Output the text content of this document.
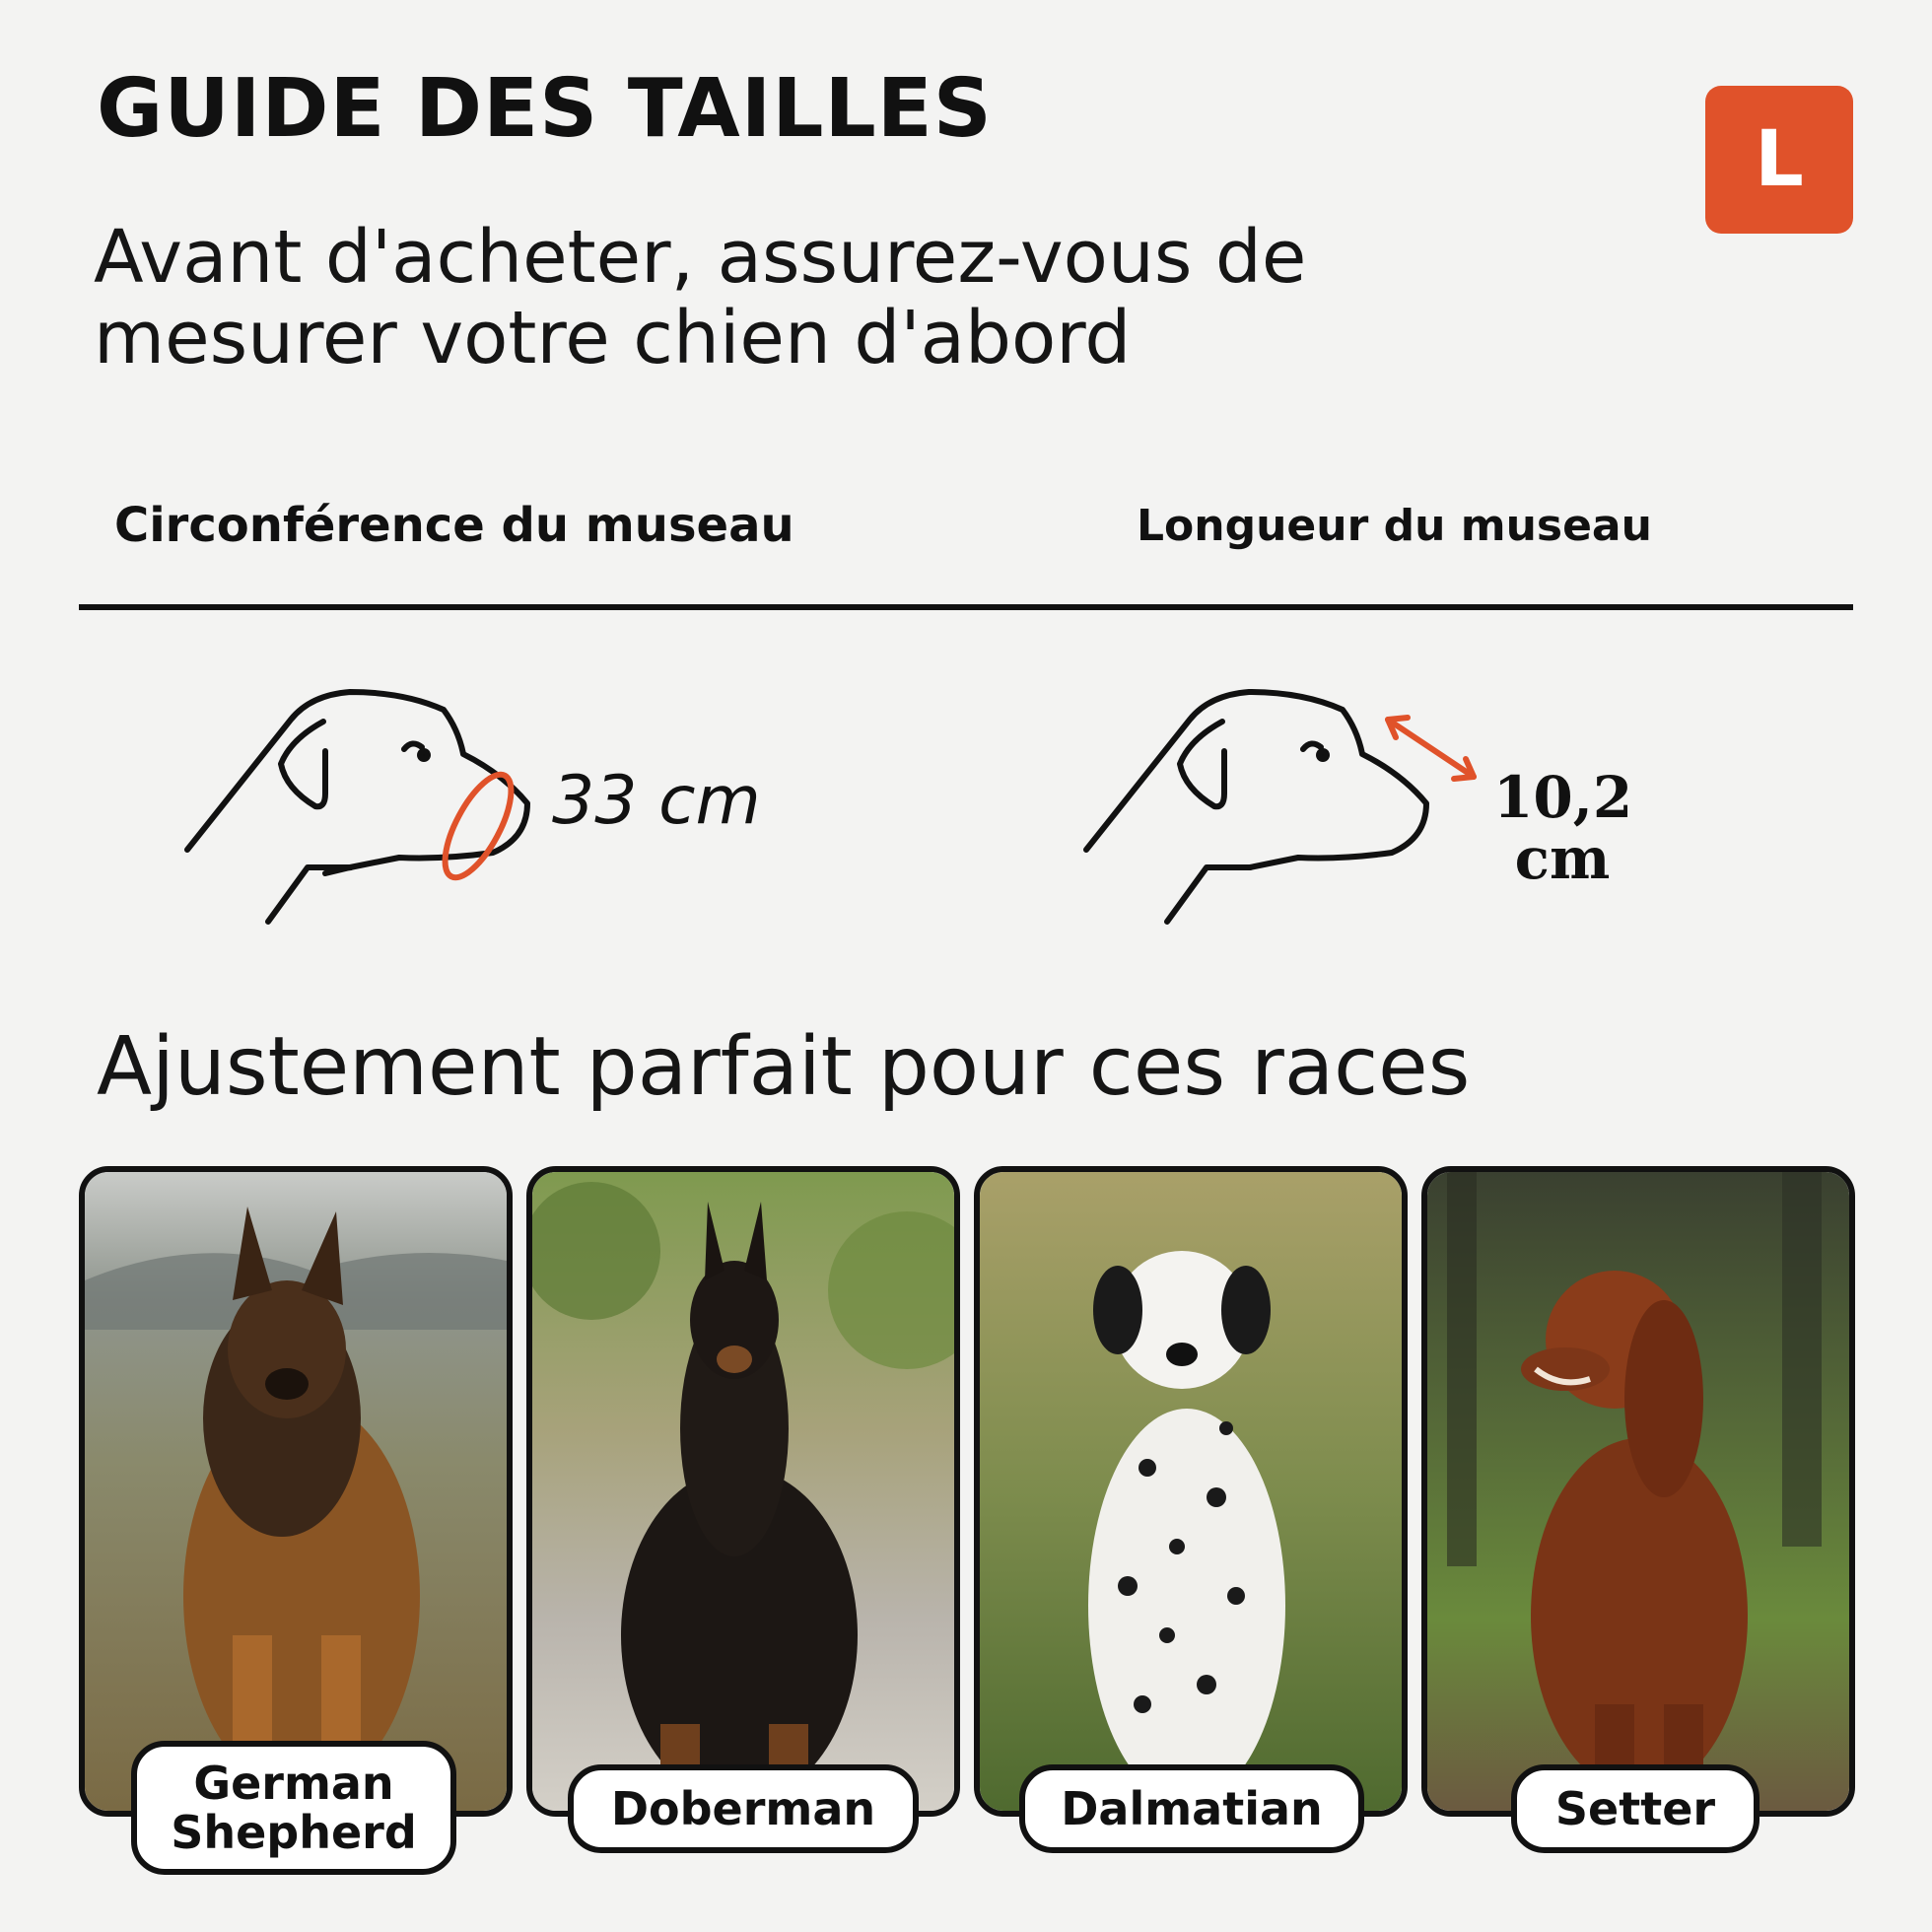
GUIDE DES TAILLES
L
Avant d'acheter, assurez-vous de mesurer votre chien d'abord
Circonférence du museau	Longueur du museau
33 cm	10,2 cm
Ajustement parfait pour ces races
German Shepherd	Doberman	Dalmatian	Setter
